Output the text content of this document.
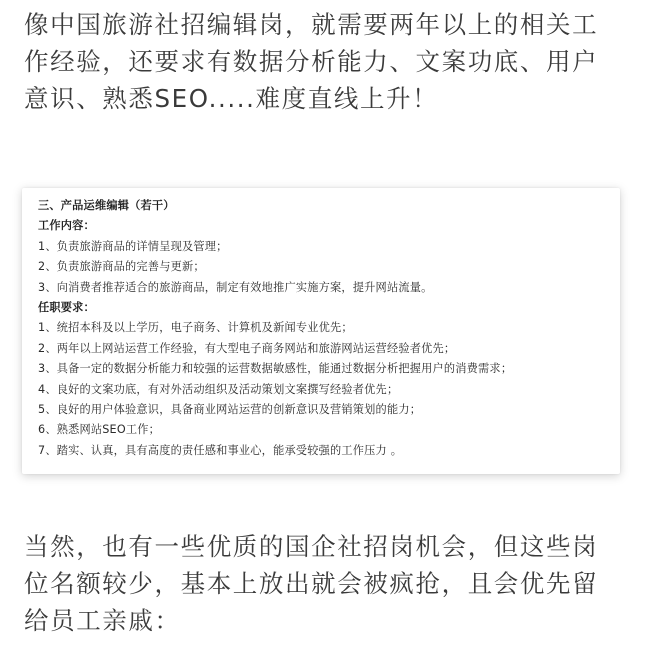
像中国旅游社招编辑岗，就需要两年以上的相关工
作经验，还要求有数据分析能力、文案功底、用户
意识、熟悉SEO.....难度直线上升！
三、产品运维编辑（若干）
工作内容：
1、负责旅游商品的详情呈现及管理；
2、负责旅游商品的完善与更新；
3、向消费者推荐适合的旅游商品，制定有效地推广实施方案，提升网站流量。
任职要求：
1、统招本科及以上学历，电子商务、计算机及新闻专业优先；
2、两年以上网站运营工作经验，有大型电子商务网站和旅游网站运营经验者优先；
3、具备一定的数据分析能力和较强的运营数据敏感性，能通过数据分析把握用户的消费需求；
4、良好的文案功底，有对外活动组织及活动策划文案撰写经验者优先；
5、良好的用户体验意识，具备商业网站运营的创新意识及营销策划的能力；
6、熟悉网站SEO工作；
7、踏实、认真，具有高度的责任感和事业心，能承受较强的工作压力 。
当然，也有一些优质的国企社招岗机会，但这些岗
位名额较少，基本上放出就会被疯抢，且会优先留
给员工亲戚：
